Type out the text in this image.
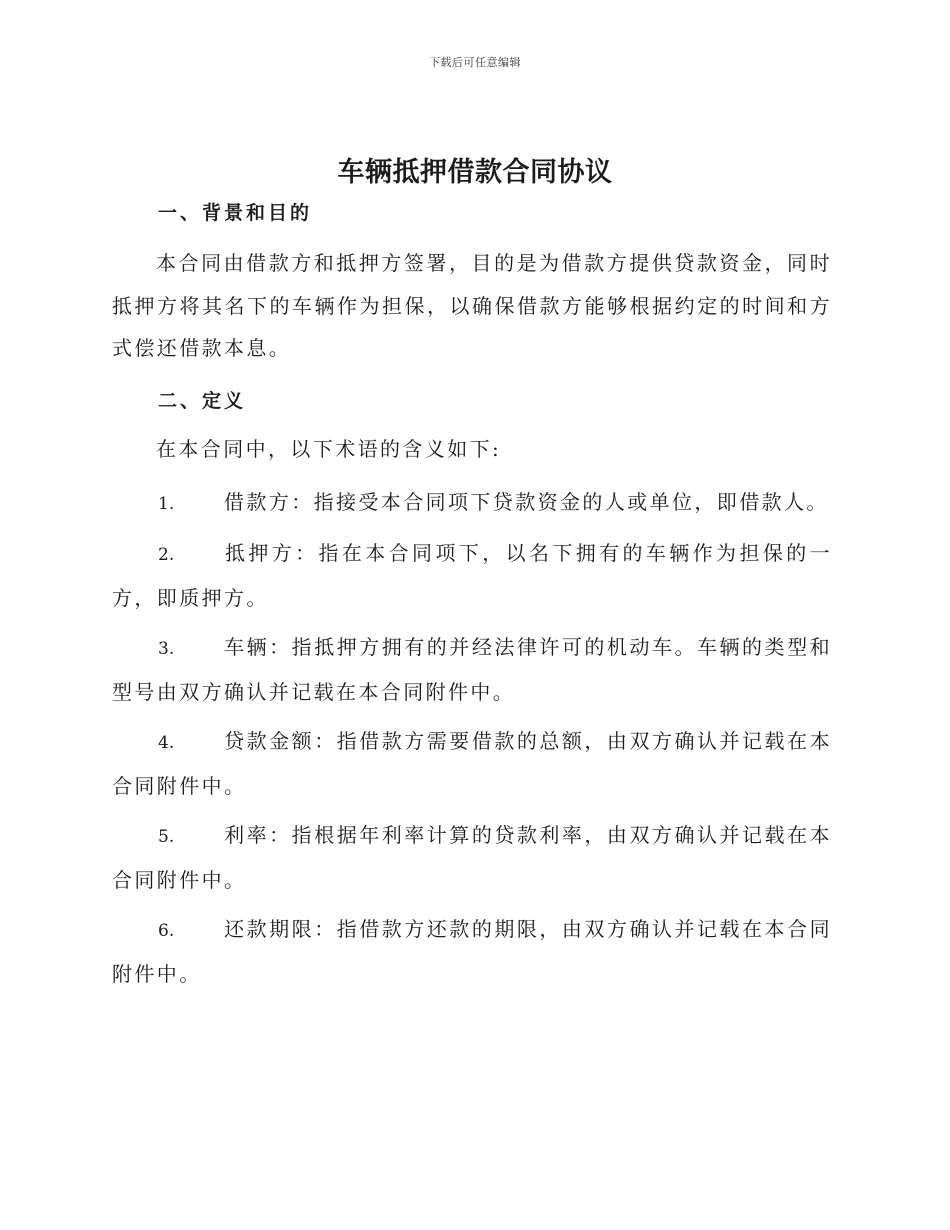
下载后可任意编辑
车辆抵押借款合同协议
一、背景和目的

本合同由借款方和抵押方签署，目的是为借款方提供贷款资金，同时抵押方将其名下的车辆作为担保，以确保借款方能够根据约定的时间和方式偿还借款本息。

二、定义

在本合同中，以下术语的含义如下:

1. 借款方：指接受本合同项下贷款资金的人或单位，即借款人。

2. 抵押方：指在本合同项下，以名下拥有的车辆作为担保的一方，即质押方。

3. 车辆：指抵押方拥有的并经法律许可的机动车。车辆的类型和型号由双方确认并记载在本合同附件中。

4. 贷款金额：指借款方需要借款的总额，由双方确认并记载在本合同附件中。

5. 利率：指根据年利率计算的贷款利率，由双方确认并记载在本合同附件中。

6. 还款期限：指借款方还款的期限，由双方确认并记载在本合同附件中。
